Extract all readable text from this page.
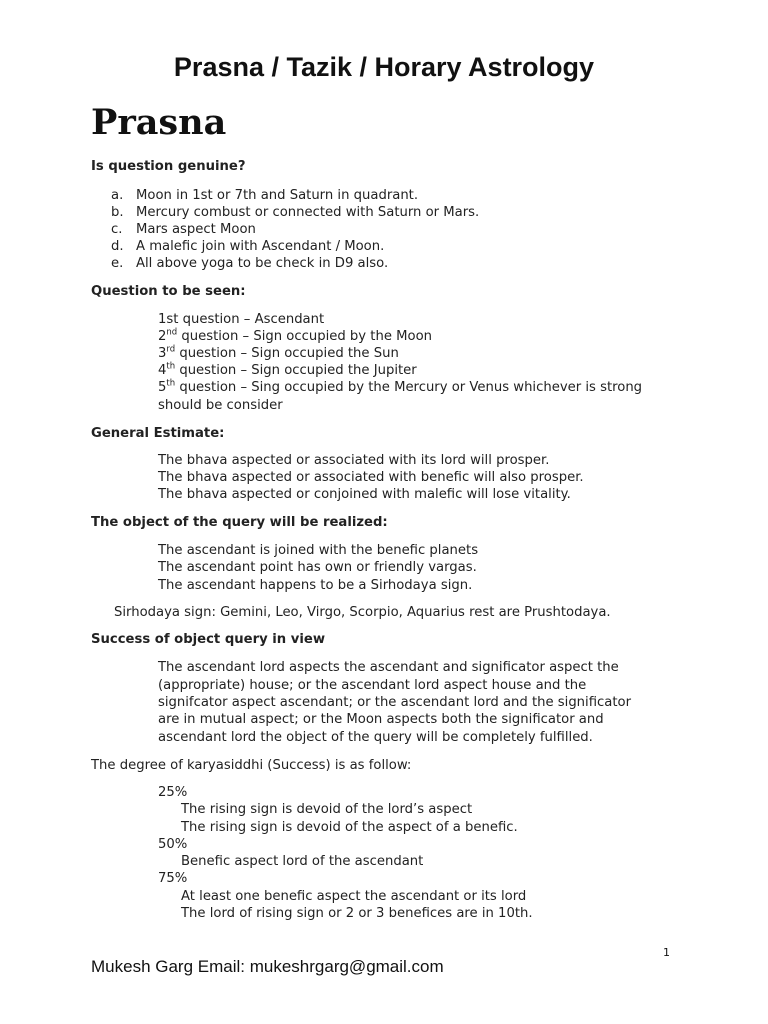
Prasna / Tazik / Horary Astrology
Prasna
Is question genuine?
a. Moon in 1st or 7th and Saturn in quadrant.
b. Mercury combust or connected with Saturn or Mars.
c. Mars aspect Moon
d. A malefic join with Ascendant / Moon.
e. All above yoga to be check in D9 also.
Question to be seen:
1st question – Ascendant
2nd question – Sign occupied by the Moon
3rd question – Sign occupied the Sun
4th question – Sign occupied the Jupiter
5th question – Sing occupied by the Mercury or Venus whichever is strong
should be consider
General Estimate:
The bhava aspected or associated with its lord will prosper.
The bhava aspected or associated with benefic will also prosper.
The bhava aspected or conjoined with malefic will lose vitality.
The object of the query will be realized:
The ascendant is joined with the benefic planets
The ascendant point has own or friendly vargas.
The ascendant happens to be a Sirhodaya sign.
Sirhodaya sign: Gemini, Leo, Virgo, Scorpio, Aquarius rest are Prushtodaya.
Success of object query in view
The ascendant lord aspects the ascendant and significator aspect the
(appropriate) house; or the ascendant lord aspect house and the
signifcator aspect ascendant; or the ascendant lord and the significator
are in mutual aspect; or the Moon aspects both the significator and
ascendant lord the object of the query will be completely fulfilled.
The degree of karyasiddhi (Success) is as follow:
25%
The rising sign is devoid of the lord’s aspect
The rising sign is devoid of the aspect of a benefic.
50%
Benefic aspect lord of the ascendant
75%
At least one benefic aspect the ascendant or its lord
The lord of rising sign or 2 or 3 benefices are in 10th.
1
Mukesh Garg Email: mukeshrgarg@gmail.com
